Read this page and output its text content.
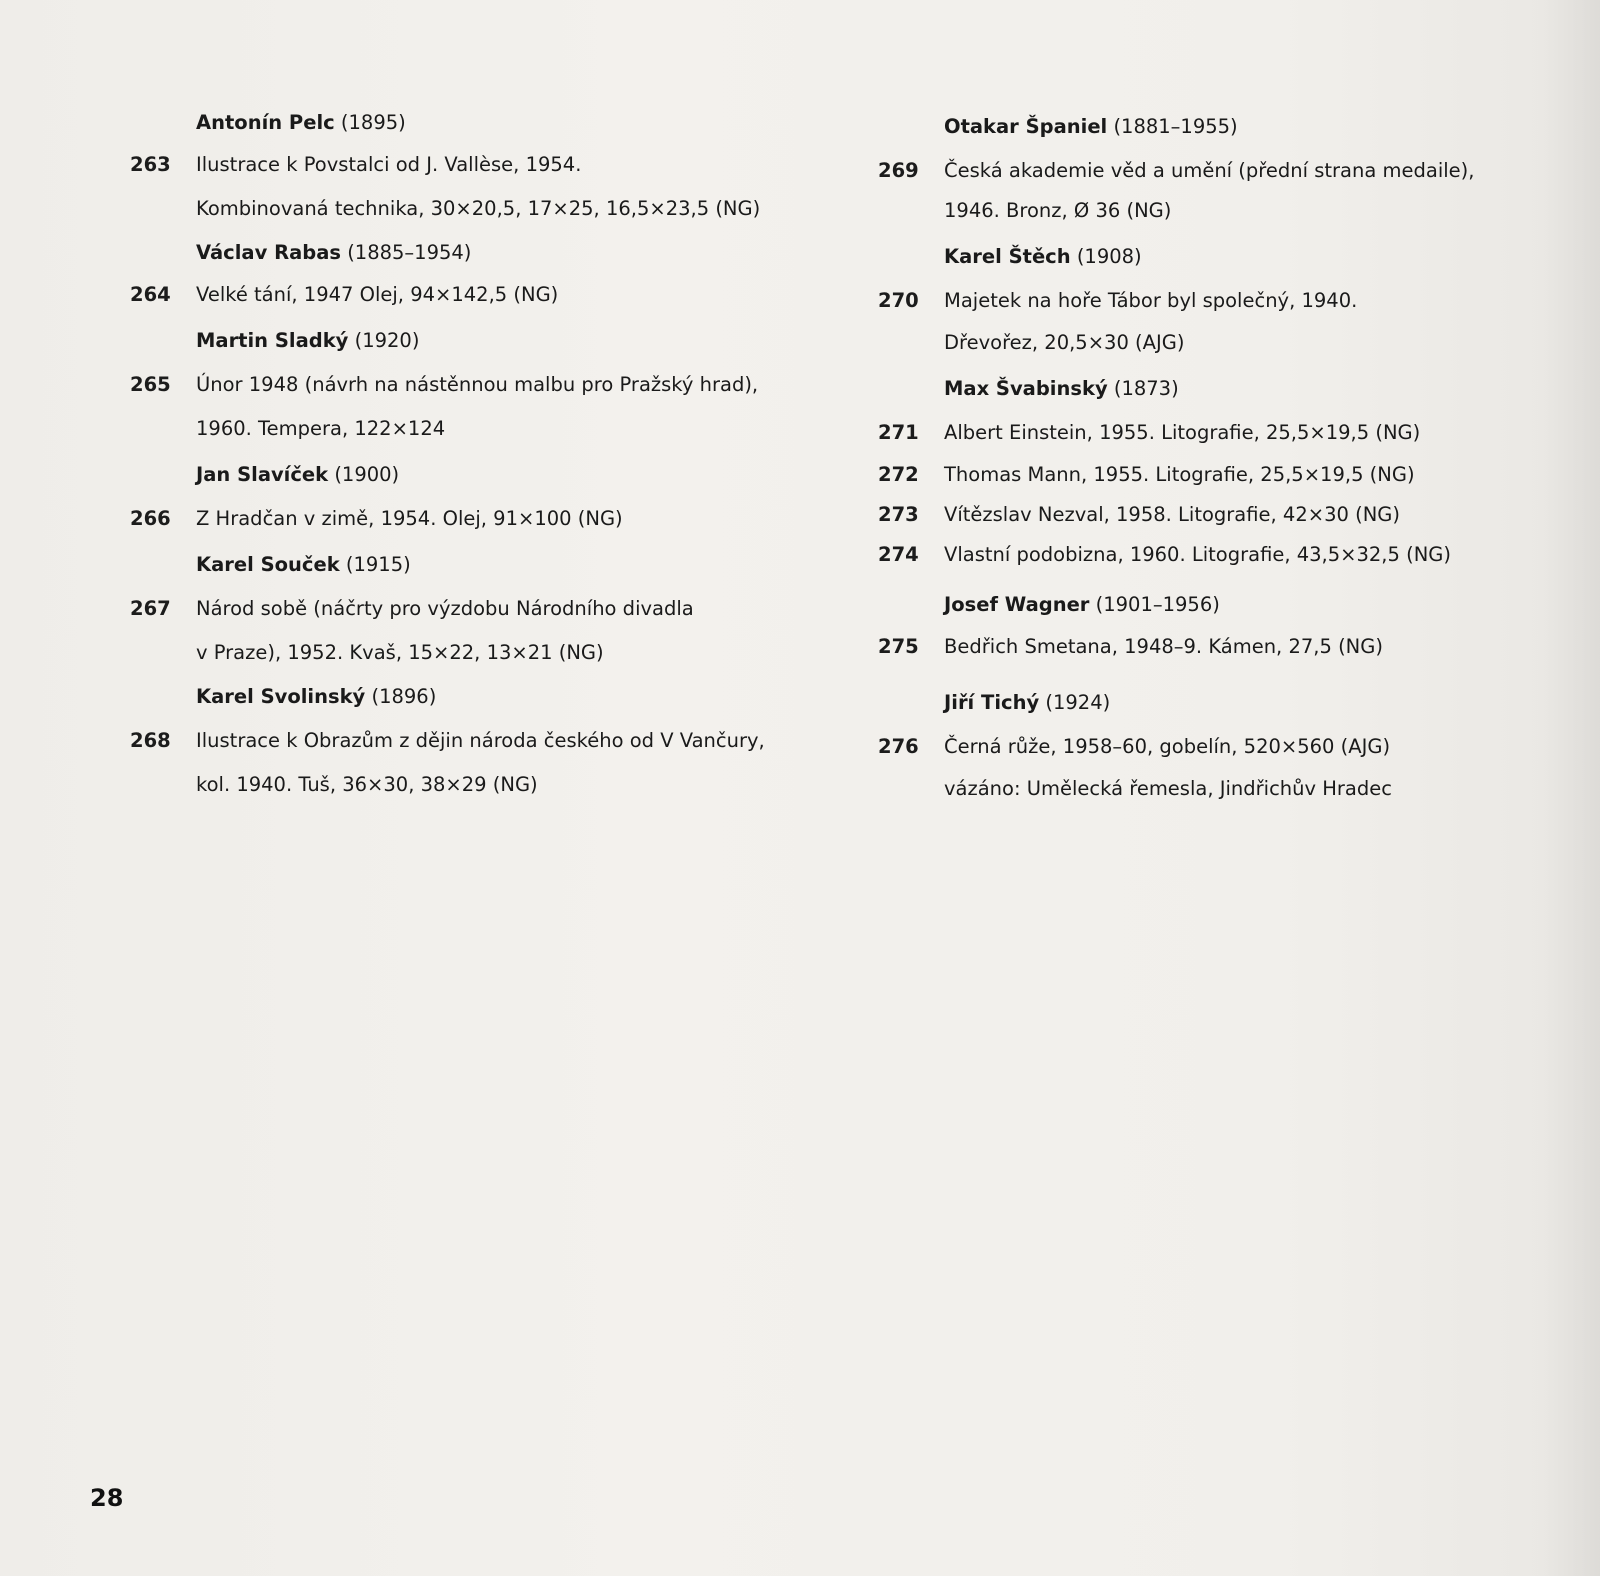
Antonín Pelc (1895)
263	Ilustrace k Povstalci od J. Vallèse, 1954.
Kombinovaná technika, 30×20,5, 17×25, 16,5×23,5 (NG)
Václav Rabas (1885–1954)
264	Velké tání, 1947 Olej, 94×142,5 (NG)
Martin Sladký (1920)
265	Únor 1948 (návrh na nástěnnou malbu pro Pražský hrad),
1960. Tempera, 122×124
Jan Slavíček (1900)
266	Z Hradčan v zimě, 1954. Olej, 91×100 (NG)
Karel Souček (1915)
267	Národ sobě (náčrty pro výzdobu Národního divadla
v Praze), 1952. Kvaš, 15×22, 13×21 (NG)
Karel Svolinský (1896)
268	Ilustrace k Obrazům z dějin národa českého od V Vančury,
kol. 1940. Tuš, 36×30, 38×29 (NG)
Otakar Španiel (1881–1955)
269	Česká akademie věd a umění (přední strana medaile),
1946. Bronz, Ø 36 (NG)
Karel Štěch (1908)
270	Majetek na hoře Tábor byl společný, 1940.
Dřevořez, 20,5×30 (AJG)
Max Švabinský (1873)
271	Albert Einstein, 1955. Litografie, 25,5×19,5 (NG)
272	Thomas Mann, 1955. Litografie, 25,5×19,5 (NG)
273	Vítězslav Nezval, 1958. Litografie, 42×30 (NG)
274	Vlastní podobizna, 1960. Litografie, 43,5×32,5 (NG)
Josef Wagner (1901–1956)
275	Bedřich Smetana, 1948–9. Kámen, 27,5 (NG)
Jiří Tichý (1924)
276	Černá růže, 1958–60, gobelín, 520×560 (AJG)
vázáno: Umělecká řemesla, Jindřichův Hradec
28
